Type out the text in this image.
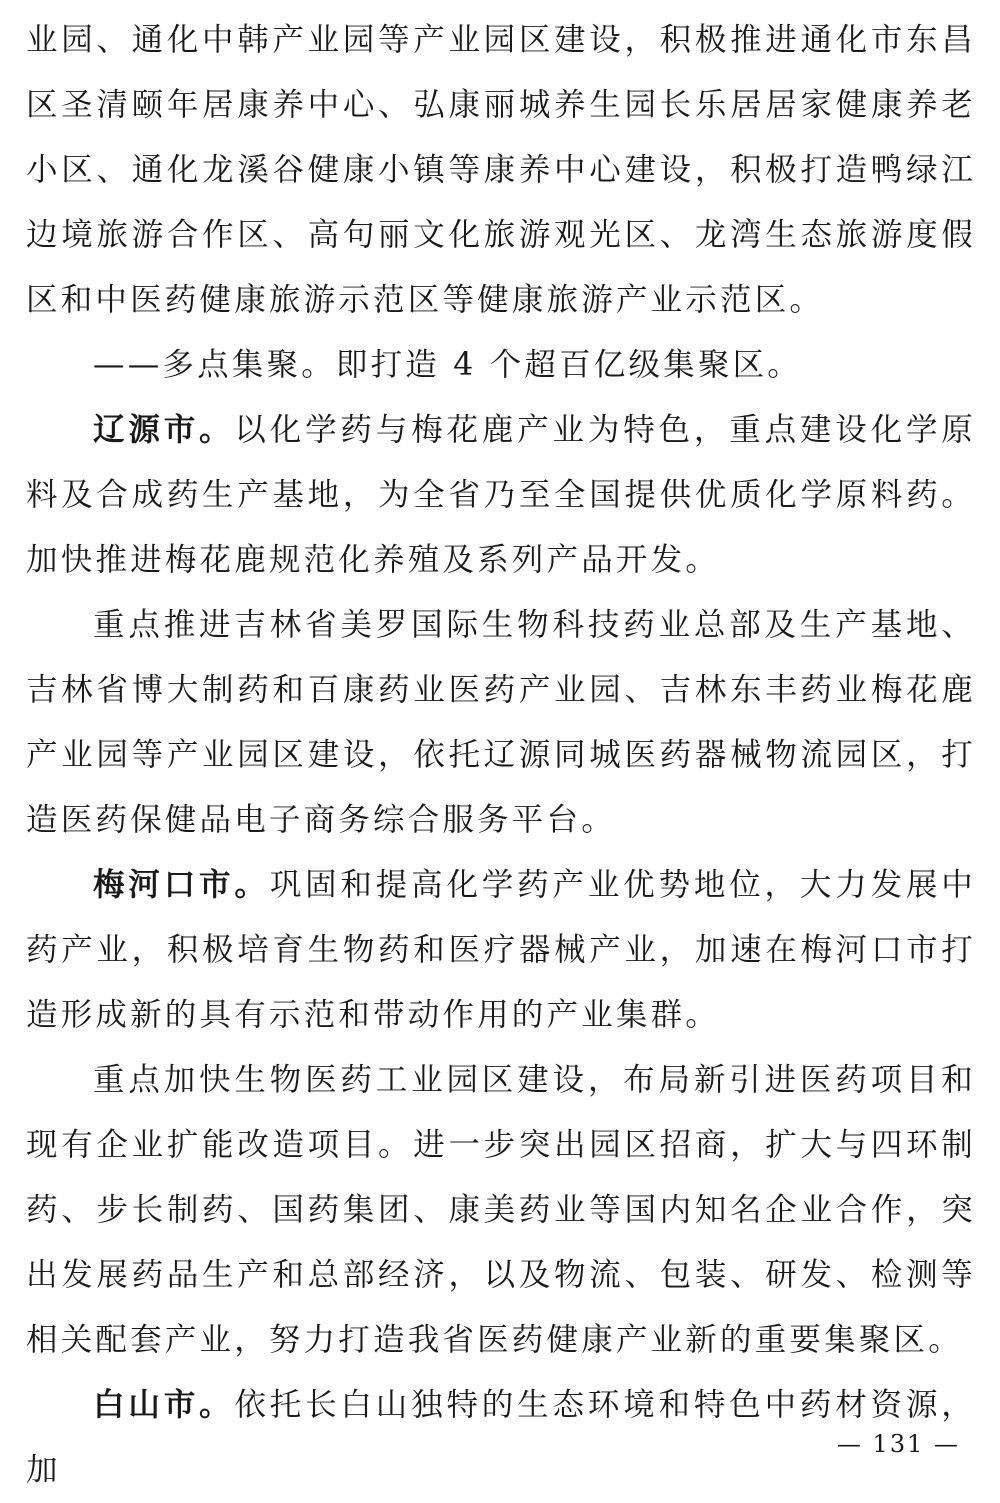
业园、通化中韩产业园等产业园区建设，积极推进通化市东昌区圣清颐年居康养中心、弘康丽城养生园长乐居居家健康养老小区、通化龙溪谷健康小镇等康养中心建设，积极打造鸭绿江边境旅游合作区、高句丽文化旅游观光区、龙湾生态旅游度假区和中医药健康旅游示范区等健康旅游产业示范区。

——多点集聚。即打造 4 个超百亿级集聚区。

辽源市。以化学药与梅花鹿产业为特色，重点建设化学原料及合成药生产基地，为全省乃至全国提供优质化学原料药。加快推进梅花鹿规范化养殖及系列产品开发。

重点推进吉林省美罗国际生物科技药业总部及生产基地、吉林省博大制药和百康药业医药产业园、吉林东丰药业梅花鹿产业园等产业园区建设，依托辽源同城医药器械物流园区，打造医药保健品电子商务综合服务平台。

梅河口市。巩固和提高化学药产业优势地位，大力发展中药产业，积极培育生物药和医疗器械产业，加速在梅河口市打造形成新的具有示范和带动作用的产业集群。

重点加快生物医药工业园区建设，布局新引进医药项目和现有企业扩能改造项目。进一步突出园区招商，扩大与四环制药、步长制药、国药集团、康美药业等国内知名企业合作，突出发展药品生产和总部经济，以及物流、包装、研发、检测等相关配套产业，努力打造我省医药健康产业新的重要集聚区。

白山市。依托长白山独特的生态环境和特色中药材资源，加

— 131 —
